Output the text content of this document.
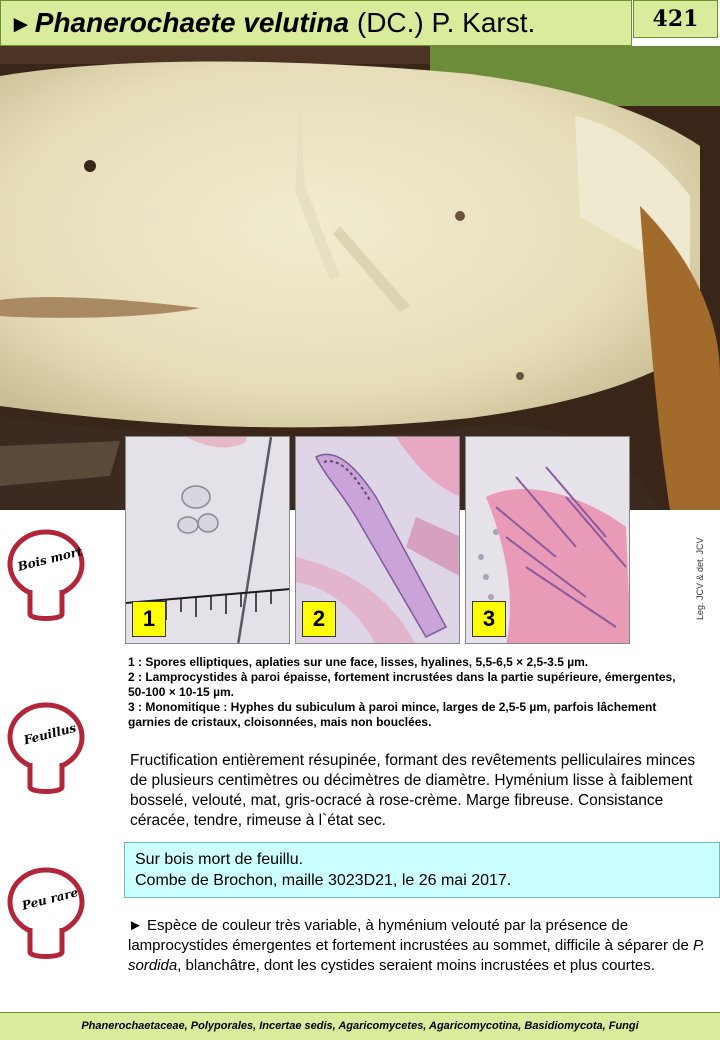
►Phanerochaete velutina (DC.) P. Karst.	421
1	2	3	Leg. JCV & det. JCV
Bois mort
Feuillus
Peu rare

1 : Spores elliptiques, aplaties sur une face, lisses, hyalines, 5,5-6,5 × 2,5-3.5 µm.

2 : Lamprocystides à paroi épaisse, fortement incrustées dans la partie supérieure, émergentes, 50-100 × 10-15 µm.

3 : Monomitique : Hyphes du subiculum à paroi mince, larges de 2,5-5 µm, parfois lâchement garnies de cristaux, cloisonnées, mais non bouclées.

Fructification entièrement résupinée, formant des revêtements pelliculaires minces de plusieurs centimètres ou décimètres de diamètre. Hyménium lisse à faiblement bosselé, velouté, mat, gris-ocracé à rose-crème. Marge fibreuse. Consistance céracée, tendre, rimeuse à l`état sec.
Sur bois mort de feuillu.
Combe de Brochon, maille 3023D21, le 26 mai 2017.
► Espèce de couleur très variable, à hyménium velouté par la présence de lamprocystides émergentes et fortement incrustées au sommet, difficile à séparer de P. sordida, blanchâtre, dont les cystides seraient moins incrustées et plus courtes.
Phanerochaetaceae, Polyporales, Incertae sedis, Agaricomycetes, Agaricomycotina, Basidiomycota, Fungi
